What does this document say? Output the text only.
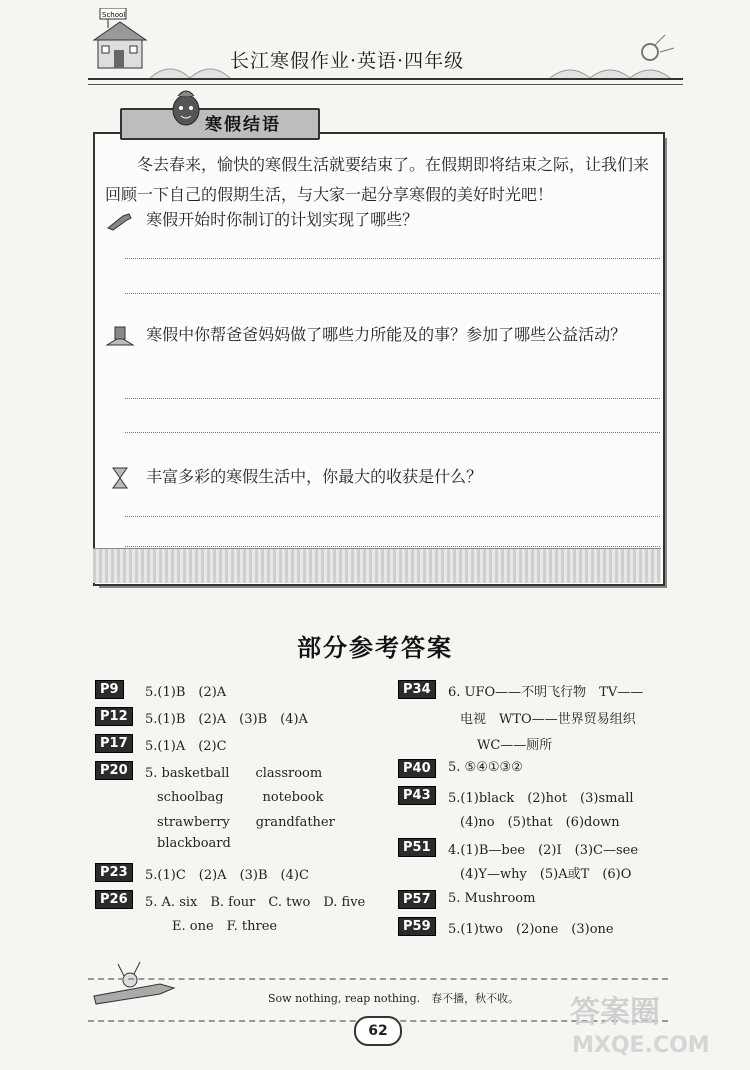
School
长江寒假作业·英语·四年级
寒假结语
冬去春来，愉快的寒假生活就要结束了。在假期即将结束之际，让我们来回顾一下自己的假期生活，与大家一起分享寒假的美好时光吧！
寒假开始时你制订的计划实现了哪些？
寒假中你帮爸爸妈妈做了哪些力所能及的事？参加了哪些公益活动？
丰富多彩的寒假生活中，你最大的收获是什么？
部分参考答案
P9	5.(1)B　(2)A
P12	5.(1)B　(2)A　(3)B　(4)A
P17	5.(1)A　(2)C
P20	5. basketball　　classroom
schoolbag　　　notebook
strawberry　　grandfather
blackboard
P23	5.(1)C　(2)A　(3)B　(4)C
P26	5. A. six　B. four　C. two　D. five
E. one　F. three
P34	6. UFO——不明飞行物　TV——
电视　WTO——世界贸易组织
WC——厕所
P40	5. ⑤④①③②
P43	5.(1)black　(2)hot　(3)small
(4)no　(5)that　(6)down
P51	4.(1)B—bee　(2)I　(3)C—see
(4)Y—why　(5)A或T　(6)O
P57	5. Mushroom
P59	5.(1)two　(2)one　(3)one
Sow nothing, reap nothing.　春不播，秋不收。
62
答案圈
MXQE.COM
